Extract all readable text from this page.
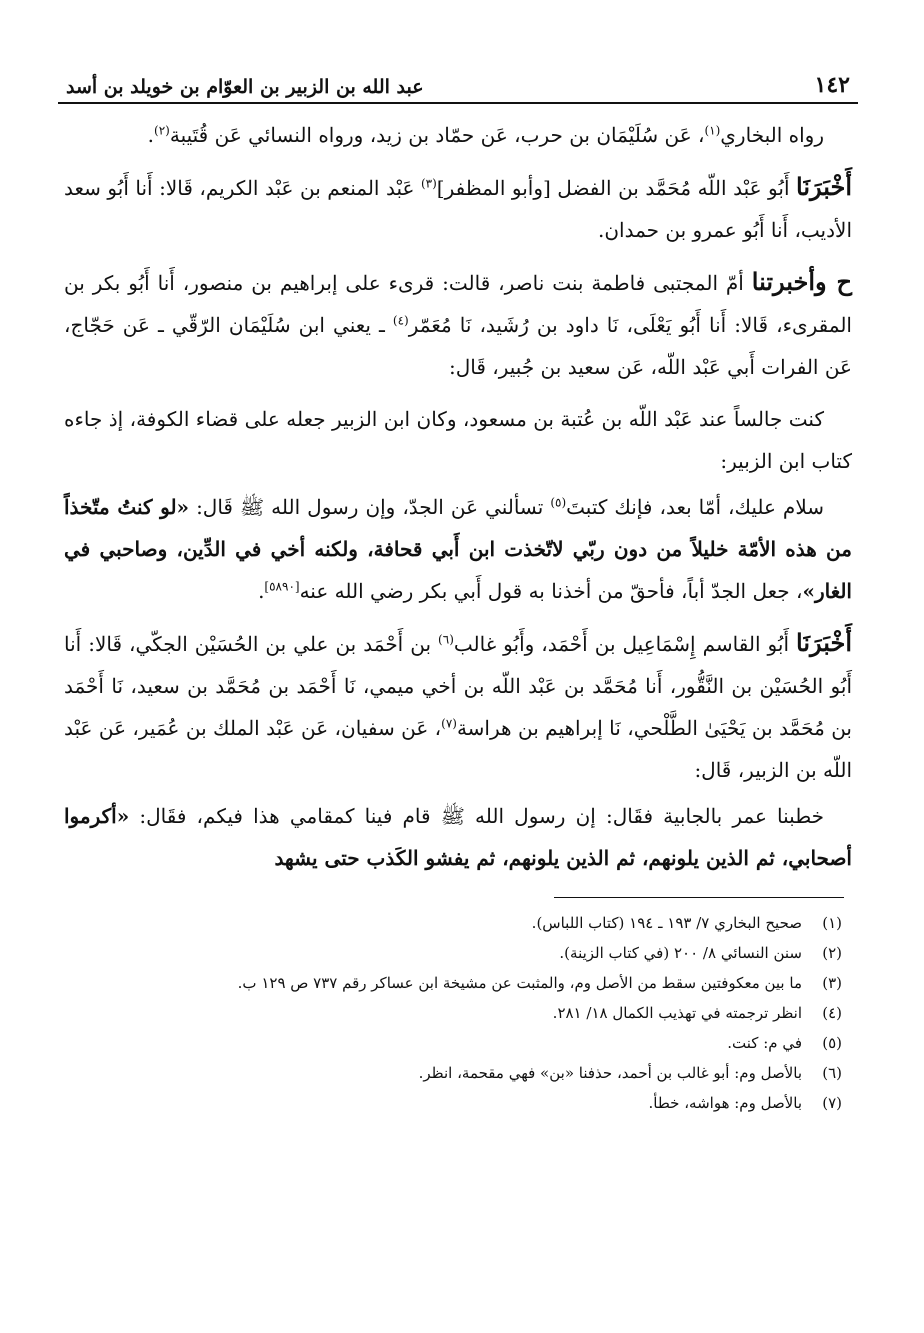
١٤٢
عبد الله بن الزبير بن العوّام بن خويلد بن أسد

رواه البخاري$^{(١)}$، عَن سُلَيْمَان بن حرب، عَن حمّاد بن زيد، ورواه النسائي عَن قُتَيبة$^{(٢)}$.

أَخْبَرَنَا أَبُو عَبْد اللّه مُحَمَّد بن الفضل [وأبو المظفر]$^{(٣)}$ عَبْد المنعم بن عَبْد الكريم، قَالا: أَنا أَبُو سعد الأديب، أَنا أَبُو عمرو بن حمدان.

ح وأخبرتنا أمّ المجتبى فاطمة بنت ناصر، قالت: قرىء على إبراهيم بن منصور، أَنا أَبُو بكر بن المقرىء، قَالا: أَنا أَبُو يَعْلَى، نَا داود بن رُشَيد، نَا مُعَمّر$^{(٤)}$ ـ يعني ابن سُلَيْمَان الرّقّي ـ عَن حَجّاج، عَن الفرات أَبي عَبْد اللّه، عَن سعيد بن جُبير، قَال:

كنت جالساً عند عَبْد اللّه بن عُتبة بن مسعود، وكان ابن الزبير جعله على قضاء الكوفة، إذ جاءه كتاب ابن الزبير:

سلام عليك، أمّا بعد، فإنك كتبتَ$^{(٥)}$ تسألني عَن الجدّ، وإن رسول الله ﷺ قَال: «لو كنتُ متّخذاً من هذه الأمّة خليلاً من دون ربّي لاتّخذت ابن أَبي قحافة، ولكنه أخي في الدِّين، وصاحبي في الغار»، جعل الجدّ أباً، فأحقّ من أخذنا به قول أَبي بكر رضي الله عنه[٥٨٩٠].

أَخْبَرَنَا أَبُو القاسم إِسْمَاعِيل بن أَحْمَد، وأَبُو غالب$^{(٦)}$ بن أَحْمَد بن علي بن الحُسَيْن الجكّي، قَالا: أَنا أَبُو الحُسَيْن بن النَّقُّور، أَنا مُحَمَّد بن عَبْد اللّه بن أخي ميمي، نَا أَحْمَد بن مُحَمَّد بن سعيد، نَا أَحْمَد بن مُحَمَّد بن يَحْيَىٰ الطَّلْحي، نَا إبراهيم بن هراسة$^{(٧)}$، عَن سفيان، عَن عَبْد الملك بن عُمَير، عَن عَبْد اللّه بن الزبير، قَال:

خطبنا عمر بالجابية فقَال: إن رسول الله ﷺ قام فينا كمقامي هذا فيكم، فقَال: «أكرموا أصحابي، ثم الذين يلونهم، ثم الذين يلونهم، ثم يفشو الكَذب حتى يشهد

(١)
صحيح البخاري ٧/ ١٩٣ ـ ١٩٤ (كتاب اللباس).
(٢)
سنن النسائي ٨/ ٢٠٠ (في كتاب الزينة).
(٣)
ما بين معكوفتين سقط من الأصل وم، والمثبت عن مشيخة ابن عساكر رقم ٧٣٧ ص ١٢٩ ب.
(٤)
انظر ترجمته في تهذيب الكمال ١٨/ ٢٨١.
(٥)
في م: كنت.
(٦)
بالأصل وم: أبو غالب بن أحمد، حذفنا «بن» فهي مقحمة، انظر.
(٧)
بالأصل وم: هواشه، خطأ.
